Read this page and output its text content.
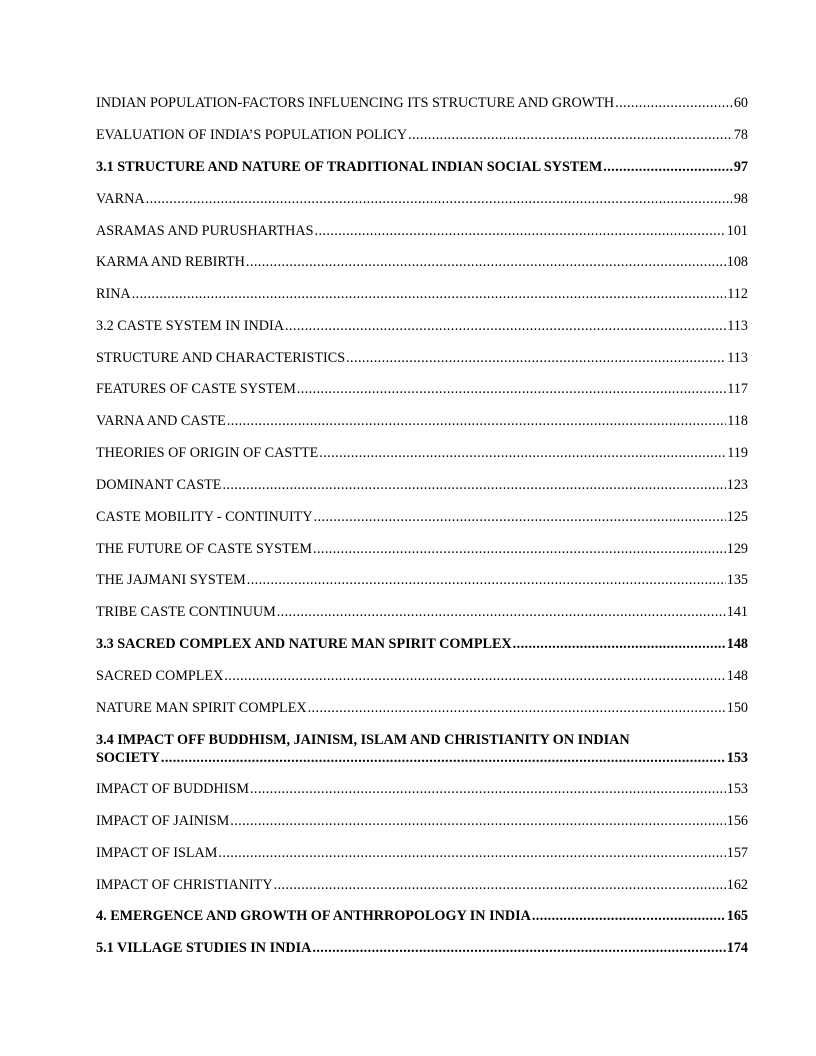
INDIAN POPULATION-FACTORS INFLUENCING ITS STRUCTURE AND GROWTH .....	60
EVALUATION OF INDIA’S POPULATION POLICY .....	78
3.1 STRUCTURE AND NATURE OF TRADITIONAL INDIAN SOCIAL SYSTEM .....	97
VARNA .....	98
ASRAMAS AND PURUSHARTHAS .....	101
KARMA AND REBIRTH .....	108
RINA .....	112
3.2 CASTE SYSTEM IN INDIA .....	113
STRUCTURE AND CHARACTERISTICS .....	113
FEATURES OF CASTE SYSTEM .....	117
VARNA AND CASTE .....	118
THEORIES OF ORIGIN OF CASTTE .....	119
DOMINANT CASTE .....	123
CASTE MOBILITY - CONTINUITY .....	125
THE FUTURE OF CASTE SYSTEM .....	129
THE JAJMANI SYSTEM .....	135
TRIBE CASTE CONTINUUM .....	141
3.3 SACRED COMPLEX AND NATURE MAN SPIRIT COMPLEX .....	148
SACRED COMPLEX .....	148
NATURE MAN SPIRIT COMPLEX .....	150
3.4 IMPACT OFF BUDDHISM, JAINISM, ISLAM AND CHRISTIANITY ON INDIAN
SOCIETY .....	153
IMPACT OF BUDDHISM .....	153
IMPACT OF JAINISM .....	156
IMPACT OF ISLAM .....	157
IMPACT OF CHRISTIANITY .....	162
4. EMERGENCE AND GROWTH OF ANTHRROPOLOGY IN INDIA .....	165
5.1 VILLAGE STUDIES IN INDIA .....	174
